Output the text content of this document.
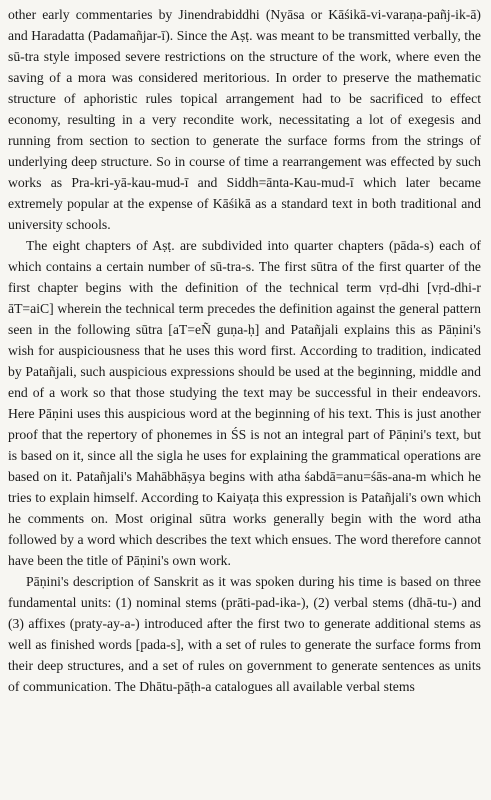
other early commentaries by Jinendrabiddhi (Nyāsa or Kāśikā-vi-varaṇa-pañj-ik-ā) and Haradatta (Padamañjar-ī). Since the Aṣṭ. was meant to be transmitted verbally, the sū-tra style imposed severe restrictions on the structure of the work, where even the saving of a mora was considered meritorious. In order to preserve the mathematic structure of aphoristic rules topical arrangement had to be sacrificed to effect economy, resulting in a very recondite work, necessitating a lot of exegesis and running from section to section to generate the surface forms from the strings of underlying deep structure. So in course of time a rearrangement was effected by such works as Pra-kri-yā-kau-mud-ī and Siddh=ānta-Kau-mud-ī which later became extremely popular at the expense of Kāśikā as a standard text in both traditional and university schools.

The eight chapters of Aṣṭ. are subdivided into quarter chapters (pāda-s) each of which contains a certain number of sū-tra-s. The first sūtra of the first quarter of the first chapter begins with the definition of the technical term vṛd-dhi [vṛd-dhi-r āT=aiC] wherein the technical term precedes the definition against the general pattern seen in the following sūtra [aT=eÑ guṇa-ḥ] and Patañjali explains this as Pāṇini's wish for auspiciousness that he uses this word first. According to tradition, indicated by Patañjali, such auspicious expressions should be used at the beginning, middle and end of a work so that those studying the text may be successful in their endeavors. Here Pāṇini uses this auspicious word at the beginning of his text. This is just another proof that the repertory of phonemes in ŚS is not an integral part of Pāṇini's text, but is based on it, since all the sigla he uses for explaining the grammatical operations are based on it. Patañjali's Mahābhāṣya begins with atha śabdā=anu=śās-ana-m which he tries to explain himself. According to Kaiyaṭa this expression is Patañjali's own which he comments on. Most original sūtra works generally begin with the word atha followed by a word which describes the text which ensues. The word therefore cannot have been the title of Pāṇini's own work.

Pāṇini's description of Sanskrit as it was spoken during his time is based on three fundamental units: (1) nominal stems (prāti-pad-ika-), (2) verbal stems (dhā-tu-) and (3) affixes (praty-ay-a-) introduced after the first two to generate additional stems as well as finished words [pada-s], with a set of rules to generate the surface forms from their deep structures, and a set of rules on government to generate sentences as units of communication. The Dhātu-pāṭh-a catalogues all available verbal stems
